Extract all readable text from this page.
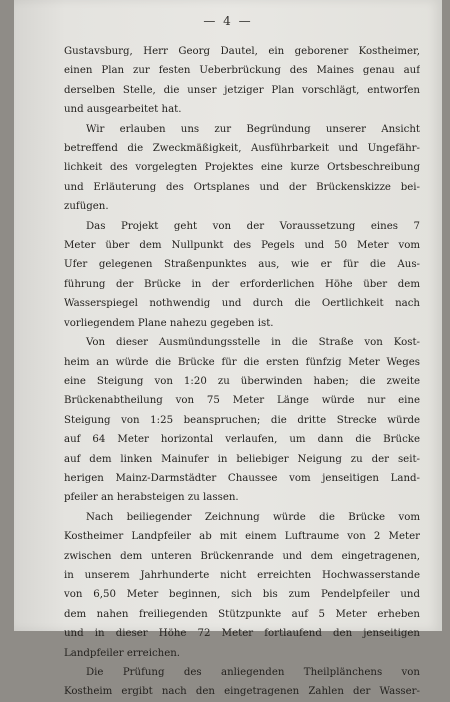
— 4 —
Gustavsburg, Herr Georg Dautel, ein geborener Kostheimer,
einen Plan zur festen Ueberbrückung des Maines genau auf
derselben Stelle, die unser jetziger Plan vorschlägt, entworfen
und ausgearbeitet hat.
Wir erlauben uns zur Begründung unserer Ansicht
betreffend die Zweckmäßigkeit, Ausführbarkeit und Ungefähr-
lichkeit des vorgelegten Projektes eine kurze Ortsbeschreibung
und Erläuterung des Ortsplanes und der Brückenskizze bei-
zufügen.
Das Projekt geht von der Voraussetzung eines 7
Meter über dem Nullpunkt des Pegels und 50 Meter vom
Ufer gelegenen Straßenpunktes aus, wie er für die Aus-
führung der Brücke in der erforderlichen Höhe über dem
Wasserspiegel nothwendig und durch die Oertlichkeit nach
vorliegendem Plane nahezu gegeben ist.
Von dieser Ausmündungsstelle in die Straße von Kost-
heim an würde die Brücke für die ersten fünfzig Meter Weges
eine Steigung von 1:20 zu überwinden haben; die zweite
Brückenabtheilung von 75 Meter Länge würde nur eine
Steigung von 1:25 beanspruchen; die dritte Strecke würde
auf 64 Meter horizontal verlaufen, um dann die Brücke
auf dem linken Mainufer in beliebiger Neigung zu der seit-
herigen Mainz-Darmstädter Chaussee vom jenseitigen Land-
pfeiler an herabsteigen zu lassen.
Nach beiliegender Zeichnung würde die Brücke vom
Kostheimer Landpfeiler ab mit einem Luftraume von 2 Meter
zwischen dem unteren Brückenrande und dem eingetragenen,
in unserem Jahrhunderte nicht erreichten Hochwasserstande
von 6,50 Meter beginnen, sich bis zum Pendelpfeiler und
dem nahen freiliegenden Stützpunkte auf 5 Meter erheben
und in dieser Höhe 72 Meter fortlaufend den jenseitigen
Landpfeiler erreichen.
Die Prüfung des anliegenden Theilplänchens von
Kostheim ergibt nach den eingetragenen Zahlen der Wasser-
